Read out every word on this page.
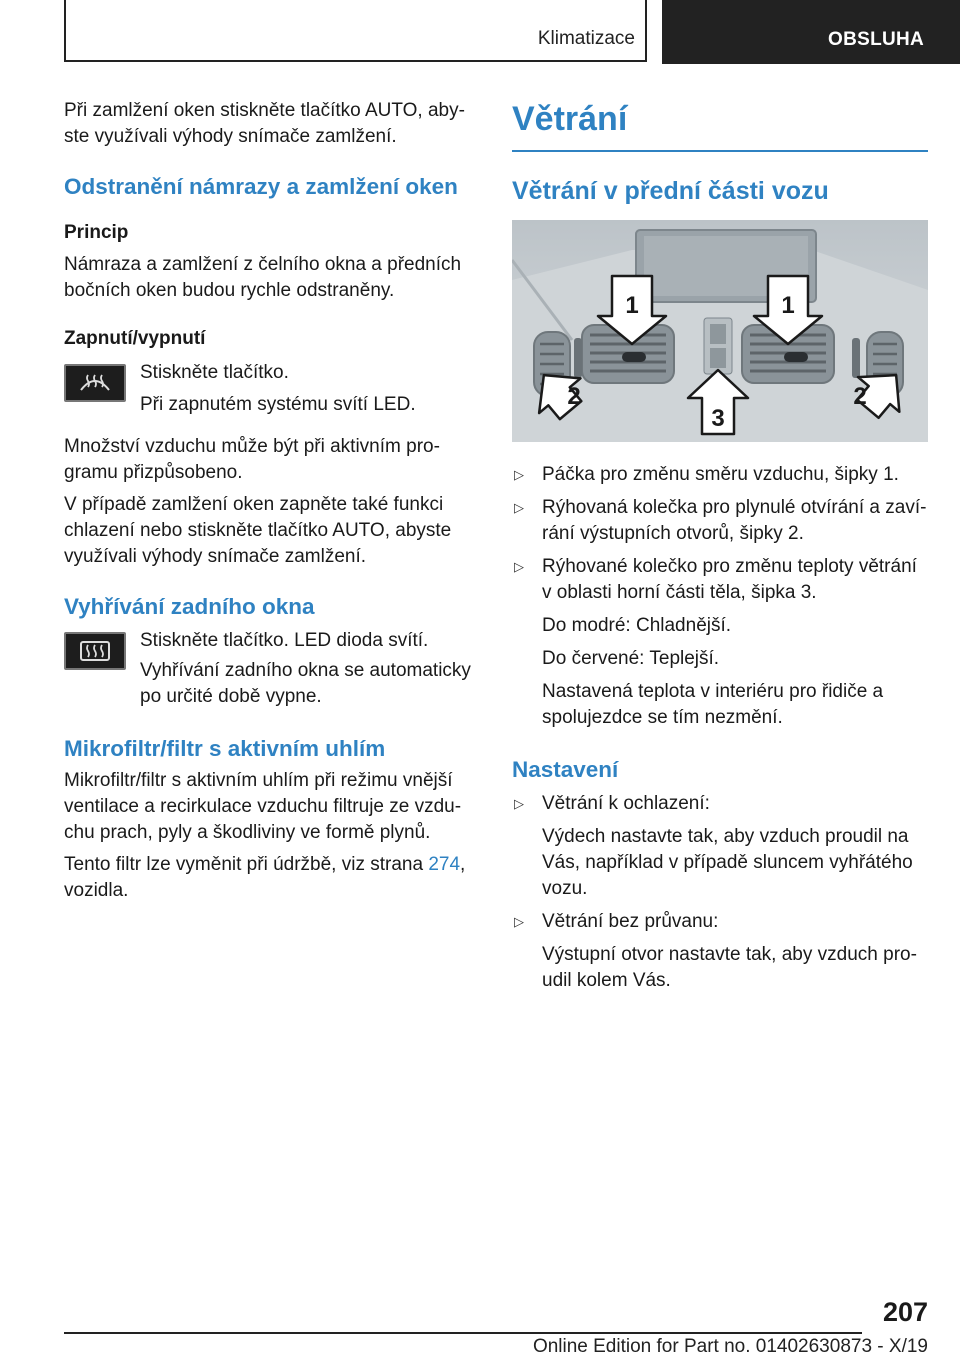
Klimatizace	OBSLUHA

Při zamlžení oken stiskněte tlačítko AUTO, abyste využívali výhody snímače zamlžení.

Odstranění námrazy a zamlžení oken
Princip

Námraza a zamlžení z čelního okna a předních bočních oken budou rychle odstraněny.

Zapnutí/vypnutí

Stiskněte tlačítko.

Při zapnutém systému svítí LED.

Množství vzduchu může být při aktivním programu přizpůsobeno.

V případě zamlžení oken zapněte také funkci chlazení nebo stiskněte tlačítko AUTO, abyste využívali výhody snímače zamlžení.

Vyhřívání zadního okna

Stiskněte tlačítko. LED dioda svítí.

Vyhřívání zadního okna se automaticky po určité době vypne.

Mikrofiltr/filtr s aktivním uhlím

Mikrofiltr/filtr s aktivním uhlím při režimu vnější ventilace a recirkulace vzduchu filtruje ze vzduchu prach, pyly a škodliviny ve formě plynů.

Tento filtr lze vyměnit při údržbě, viz strana 274, vozidla.

Větrání
Větrání v přední části vozu
1	1
2	2
3
▷ Páčka pro změnu směru vzduchu, šipky 1.

▷ Rýhovaná kolečka pro plynulé otvírání a zavírání výstupních otvorů, šipky 2.

▷ Rýhované kolečko pro změnu teploty větrání v oblasti horní části těla, šipka 3.

Do modré: Chladnější.

Do červené: Teplejší.

Nastavená teplota v interiéru pro řidiče a spolujezdce se tím nezmění.

Nastavení
▷ Větrání k ochlazení:

Výdech nastavte tak, aby vzduch proudil na Vás, například v případě sluncem vyhřátého vozu.

▷ Větrání bez průvanu:

Výstupní otvor nastavte tak, aby vzduch proudil kolem Vás.

207
Online Edition for Part no. 01402630873 - X/19
